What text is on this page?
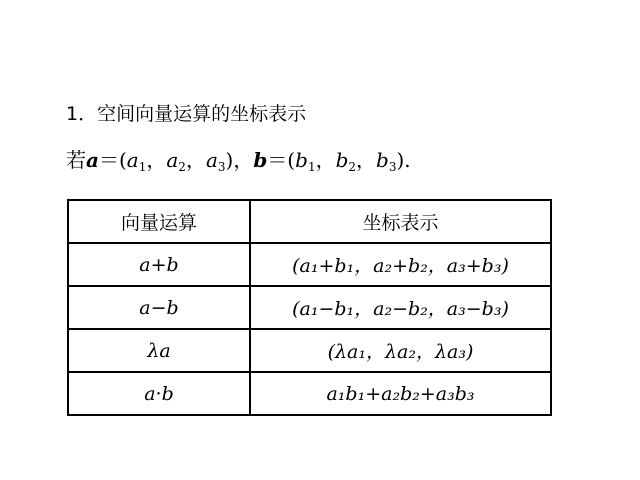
1．空间向量运算的坐标表示
若$a=(a_1$，$a_2$，$a_3$)，$b=(b_1$，$b_2$，$b_3$).
向量运算	坐标表示
a+b	(a₁+b₁，a₂+b₂，a₃+b₃)
a−b	(a₁−b₁，a₂−b₂，a₃−b₃)
λa	(λa₁，λa₂，λa₃)
a·b	a₁b₁+a₂b₂+a₃b₃
